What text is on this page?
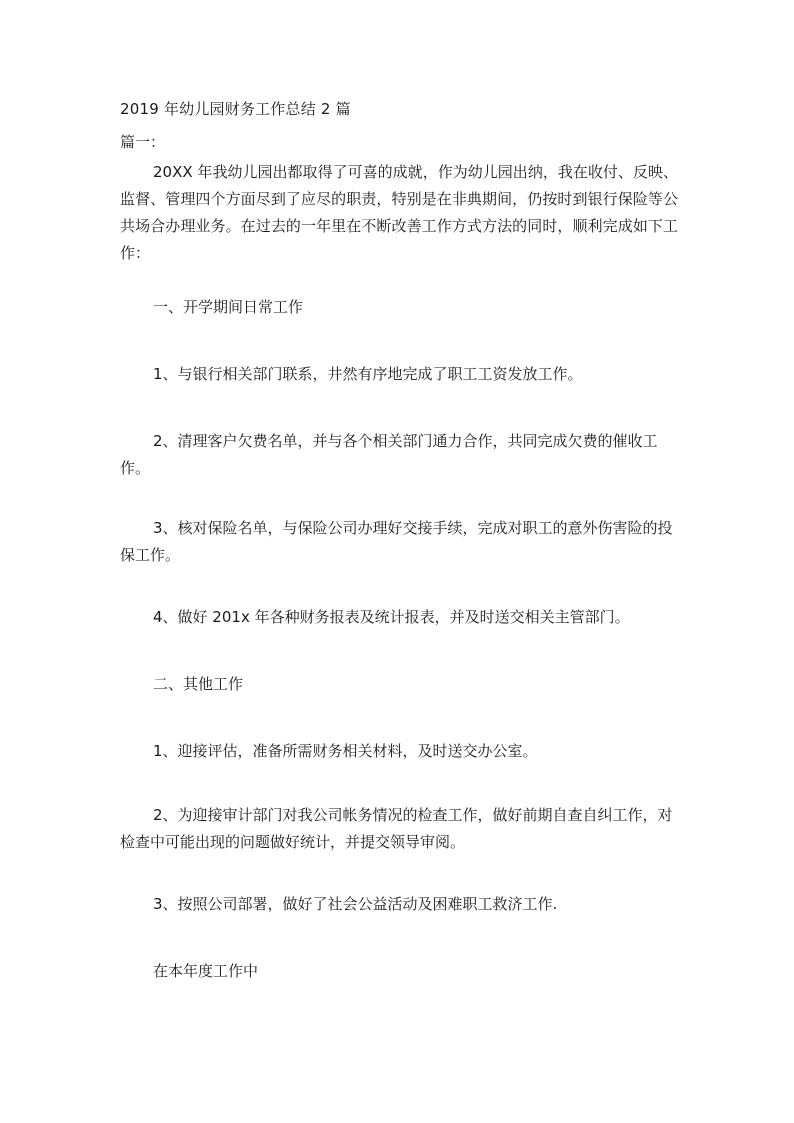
2019 年幼儿园财务工作总结 2 篇
篇一：

20XX 年我幼儿园出都取得了可喜的成就，作为幼儿园出纳，我在收付、反映、监督、管理四个方面尽到了应尽的职责，特别是在非典期间，仍按时到银行保险等公共场合办理业务。在过去的一年里在不断改善工作方式方法的同时，顺利完成如下工作：

一、开学期间日常工作

1、与银行相关部门联系，井然有序地完成了职工工资发放工作。

2、清理客户欠费名单，并与各个相关部门通力合作，共同完成欠费的催收工作。

3、核对保险名单，与保险公司办理好交接手续，完成对职工的意外伤害险的投保工作。

4、做好 201x 年各种财务报表及统计报表，并及时送交相关主管部门。

二、其他工作

1、迎接评估，准备所需财务相关材料，及时送交办公室。

2、为迎接审计部门对我公司帐务情况的检查工作，做好前期自查自纠工作，对检查中可能出现的问题做好统计，并提交领导审阅。

3、按照公司部署，做好了社会公益活动及困难职工救济工作.

在本年度工作中
